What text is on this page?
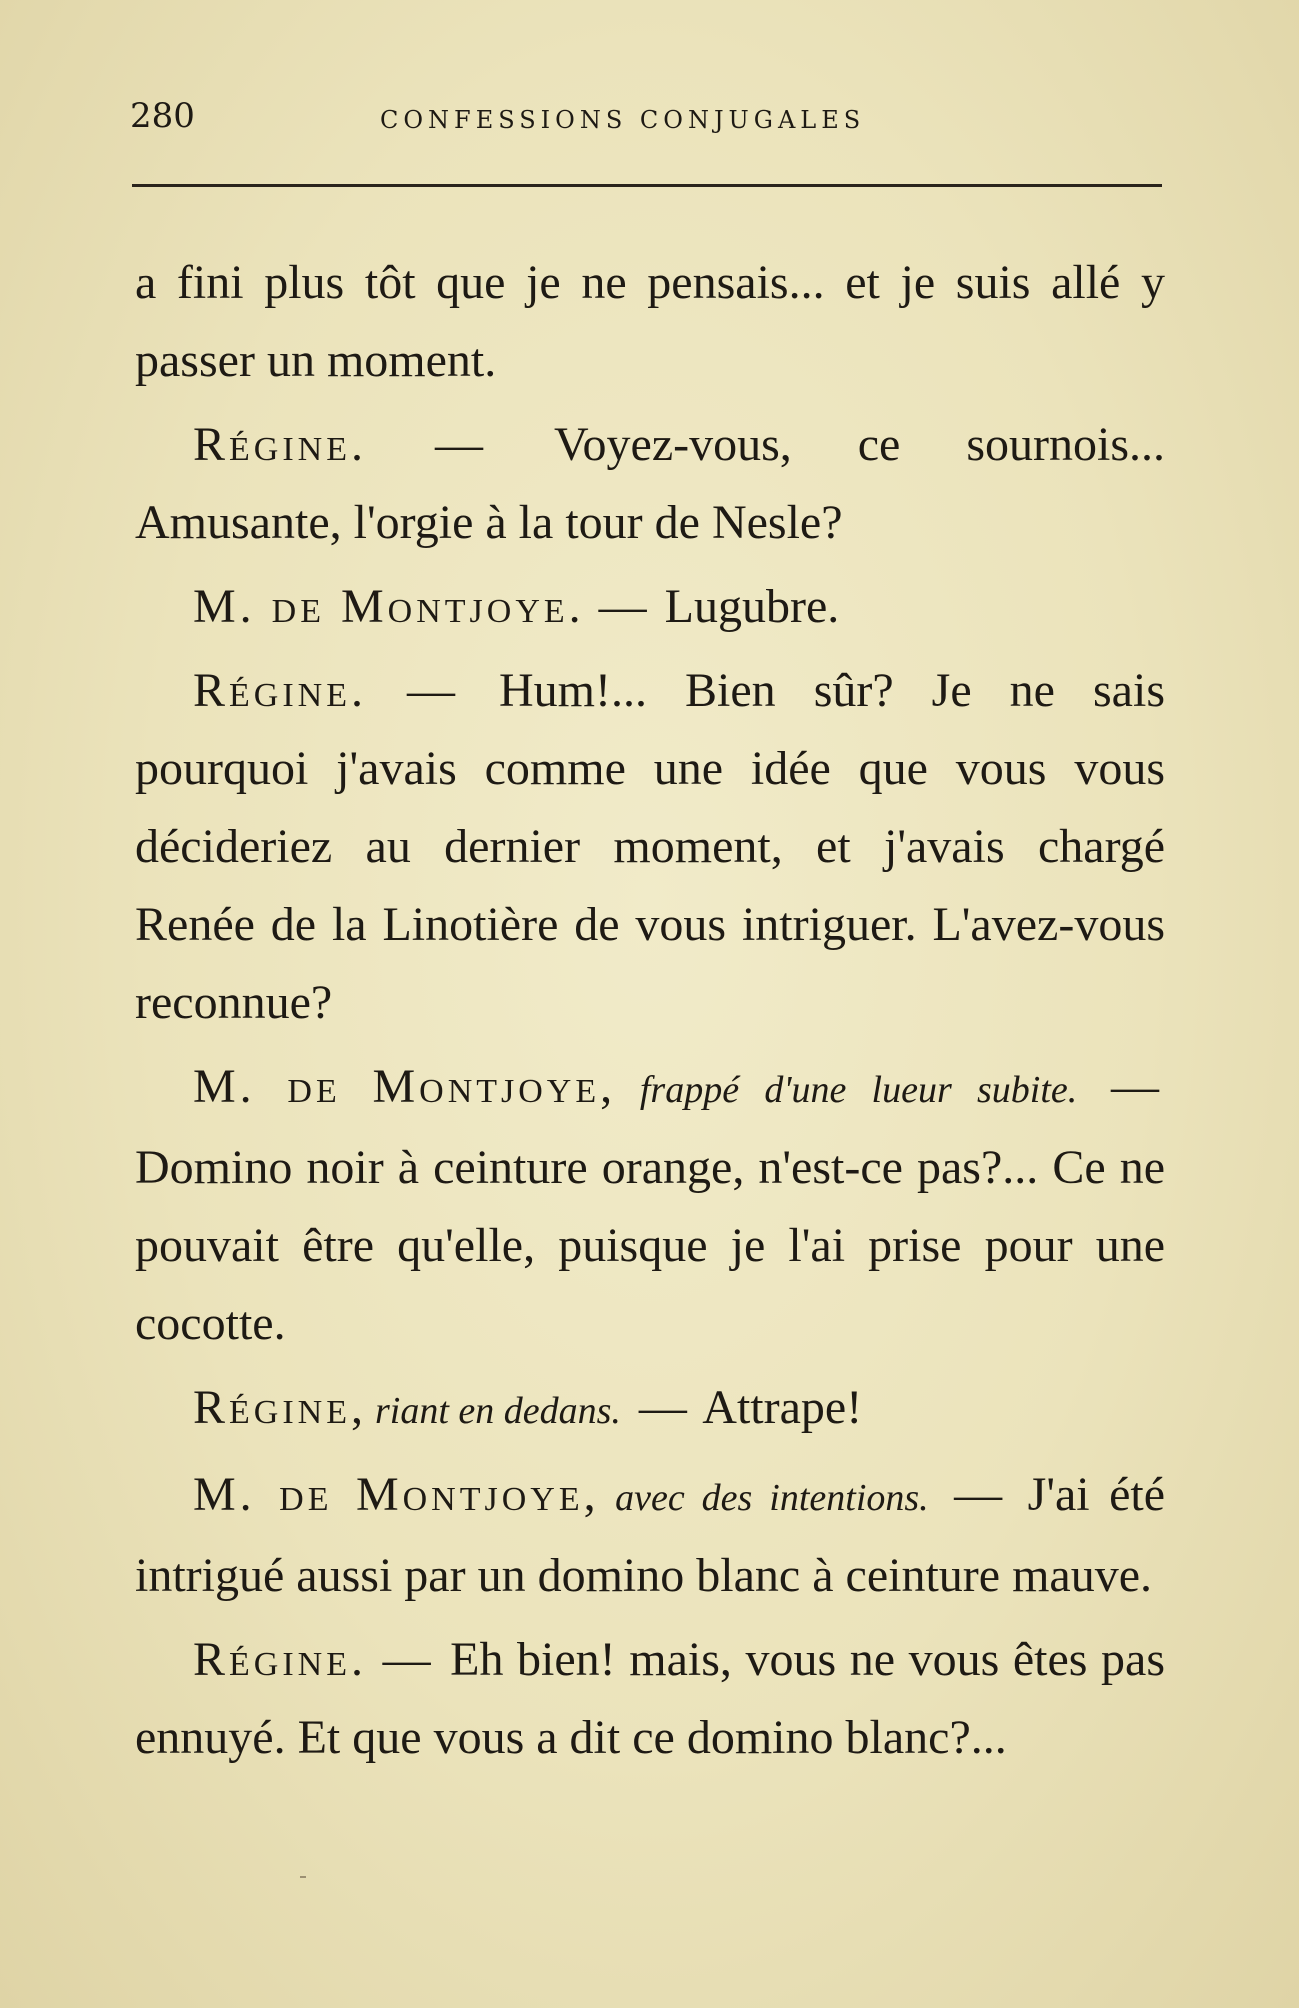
280	CONFESSIONS CONJUGALES

a fini plus tôt que je ne pensais... et je suis allé y passer un moment.

Régine. — Voyez-vous, ce sournois... Amusante, l'orgie à la tour de Nesle?

M. de Montjoye. — Lugubre.

Régine. — Hum!... Bien sûr? Je ne sais pourquoi j'avais comme une idée que vous vous décideriez au dernier moment, et j'avais chargé Renée de la Linotière de vous intriguer. L'avez-vous reconnue?

M. de Montjoye, frappé d'une lueur subite. — Domino noir à ceinture orange, n'est-ce pas?... Ce ne pouvait être qu'elle, puisque je l'ai prise pour une cocotte.

Régine, riant en dedans. — Attrape!

M. de Montjoye, avec des intentions. — J'ai été intrigué aussi par un domino blanc à ceinture mauve.

Régine. — Eh bien! mais, vous ne vous êtes pas ennuyé. Et que vous a dit ce domino blanc?...
